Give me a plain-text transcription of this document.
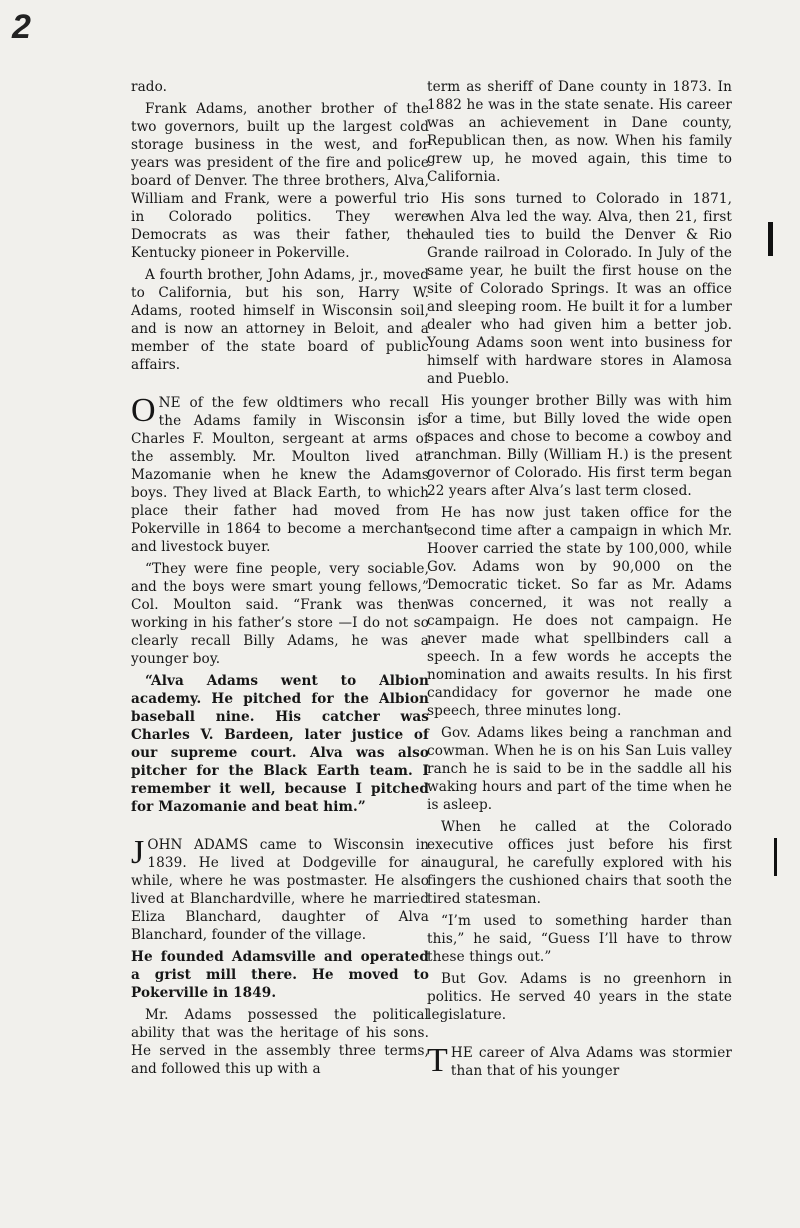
2

rado.

Frank Adams, another brother of the two governors, built up the largest cold storage business in the west, and for years was president of the fire and police board of Denver. The three brothers, Alva, William and Frank, were a powerful trio in Colorado politics. They were Democrats as was their father, the Kentucky pioneer in Pokerville.

A fourth brother, John Adams, jr., moved to California, but his son, Harry W. Adams, rooted himself in Wisconsin soil, and is now an attorney in Beloit, and a member of the state board of public affairs.

ONE of the few oldtimers who recall the Adams family in Wisconsin is Charles F. Moulton, sergeant at arms of the assembly. Mr. Moulton lived at Mazomanie when he knew the Adams boys. They lived at Black Earth, to which place their father had moved from Pokerville in 1864 to become a merchant and livestock buyer.

“They were fine people, very sociable, and the boys were smart young fellows,” Col. Moulton said. “Frank was then working in his father’s store —I do not so clearly recall Billy Adams, he was a younger boy.

“Alva Adams went to Albion academy. He pitched for the Albion baseball nine. His catcher was Charles V. Bardeen, later justice of our supreme court. Alva was also pitcher for the Black Earth team. I remember it well, because I pitched for Mazomanie and beat him.”

JOHN ADAMS came to Wisconsin in 1839. He lived at Dodgeville for a while, where he was postmaster. He also lived at Blanchardville, where he married Eliza Blanchard, daughter of Alva Blanchard, founder of the village.

He founded Adamsville and operated a grist mill there. He moved to Pokerville in 1849.

Mr. Adams possessed the political ability that was the heritage of his sons. He served in the assembly three terms, and followed this up with a

term as sheriff of Dane county in 1873. In 1882 he was in the state senate. His career was an achievement in Dane county, Republican then, as now. When his family grew up, he moved again, this time to California.

His sons turned to Colorado in 1871, when Alva led the way. Alva, then 21, first hauled ties to build the Denver & Rio Grande railroad in Colorado. In July of the same year, he built the first house on the site of Colorado Springs. It was an office and sleeping room. He built it for a lumber dealer who had given him a better job. Young Adams soon went into business for himself with hardware stores in Alamosa and Pueblo.

His younger brother Billy was with him for a time, but Billy loved the wide open spaces and chose to become a cowboy and ranchman. Billy (William H.) is the present governor of Colorado. His first term began 22 years after Alva’s last term closed.

He has now just taken office for the second time after a campaign in which Mr. Hoover carried the state by 100,000, while Gov. Adams won by 90,000 on the Democratic ticket. So far as Mr. Adams was concerned, it was not really a campaign. He does not campaign. He never made what spellbinders call a speech. In a few words he accepts the nomination and awaits results. In his first candidacy for governor he made one speech, three minutes long.

Gov. Adams likes being a ranchman and cowman. When he is on his San Luis valley ranch he is said to be in the saddle all his waking hours and part of the time when he is asleep.

When he called at the Colorado executive offices just before his first inaugural, he carefully explored with his fingers the cushioned chairs that sooth the tired statesman.

“I’m used to something harder than this,” he said, “Guess I’ll have to throw these things out.”

But Gov. Adams is no greenhorn in politics. He served 40 years in the state legislature.

THE career of Alva Adams was stormier than that of his younger
